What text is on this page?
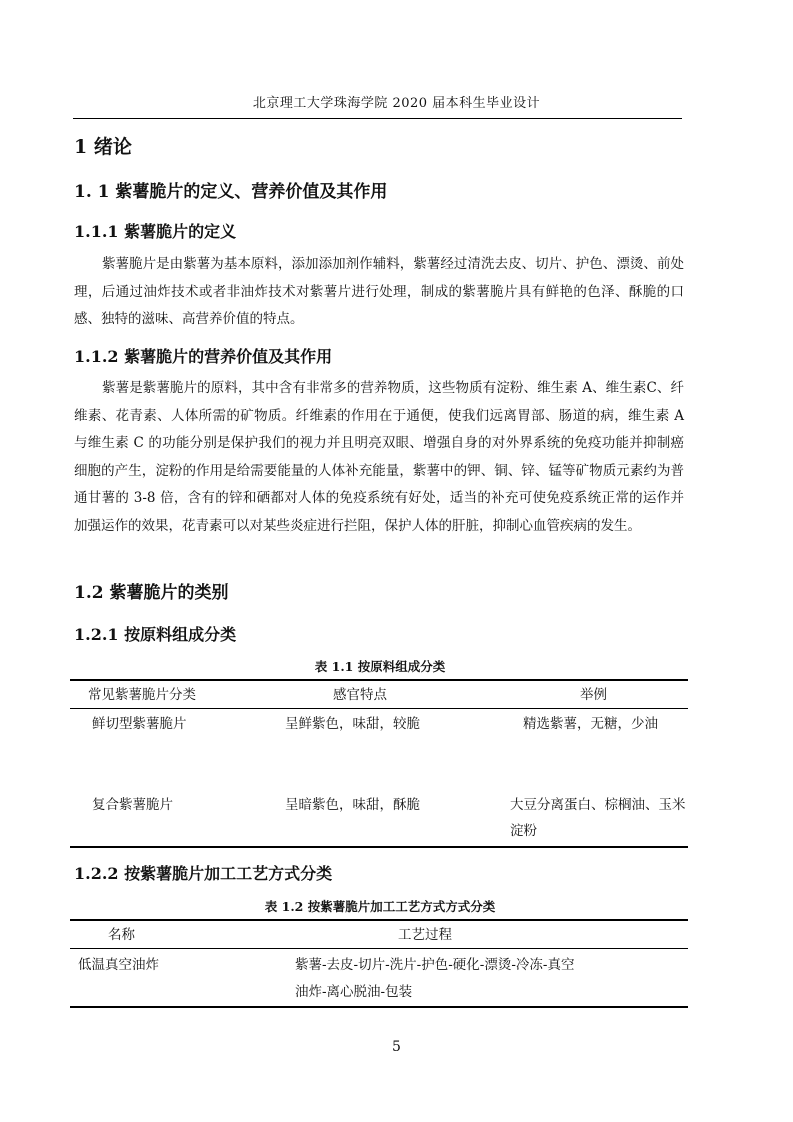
北京理工大学珠海学院 2020 届本科生毕业设计
1 绪论
1. 1 紫薯脆片的定义、营养价值及其作用
1.1.1 紫薯脆片的定义
紫薯脆片是由紫薯为基本原料，添加添加剂作辅料，紫薯经过清洗去皮、切片、护色、漂烫、前处理，后通过油炸技术或者非油炸技术对紫薯片进行处理，制成的紫薯脆片具有鲜艳的色泽、酥脆的口感、独特的滋味、高营养价值的特点。
1.1.2 紫薯脆片的营养价值及其作用
紫薯是紫薯脆片的原料，其中含有非常多的营养物质，这些物质有淀粉、维生素 A、维生素C、纤维素、花青素、人体所需的矿物质。纤维素的作用在于通便，使我们远离胃部、肠道的病，维生素 A 与维生素 C 的功能分别是保护我们的视力并且明亮双眼、增强自身的对外界系统的免疫功能并抑制癌细胞的产生，淀粉的作用是给需要能量的人体补充能量，紫薯中的钾、铜、锌、锰等矿物质元素约为普通甘薯的 3-8 倍，含有的锌和硒都对人体的免疫系统有好处，适当的补充可使免疫系统正常的运作并加强运作的效果，花青素可以对某些炎症进行拦阻，保护人体的肝脏，抑制心血管疾病的发生。
1.2 紫薯脆片的类别
1.2.1 按原料组成分类
表 1.1 按原料组成分类
常见紫薯脆片分类	感官特点	举例
鲜切型紫薯脆片	呈鲜紫色，味甜，较脆	精选紫薯，无糖，少油
复合紫薯脆片	呈暗紫色，味甜，酥脆	大豆分离蛋白、棕榈油、玉米淀粉
1.2.2 按紫薯脆片加工工艺方式分类
表 1.2 按紫薯脆片加工工艺方式方式分类
名称	工艺过程
低温真空油炸	紫薯-去皮-切片-洗片-护色-硬化-漂烫-冷冻-真空油炸-离心脱油-包装
5
